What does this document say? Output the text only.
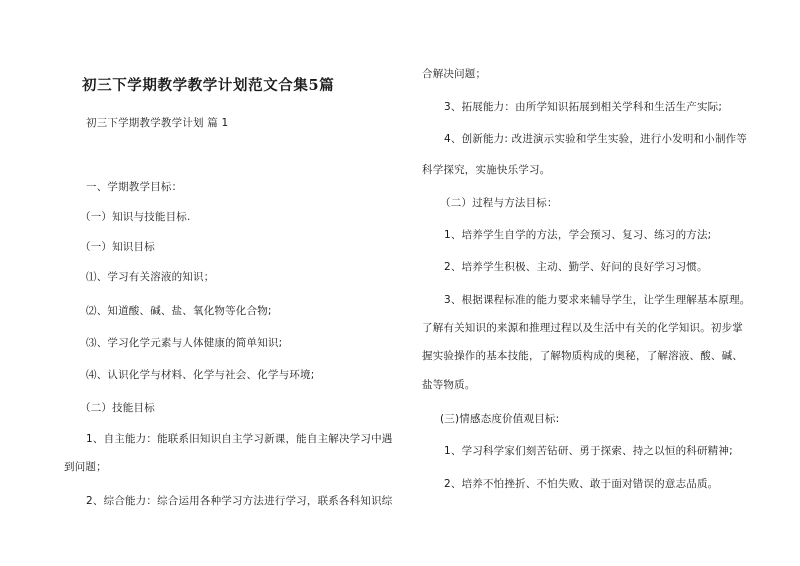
初三下学期教学教学计划范文合集5篇
初三下学期教学教学计划 篇 1
一、学期教学目标：
（一）知识与技能目标.
（一）知识目标
⑴、学习有关溶液的知识；
⑵、知道酸、碱、盐、氧化物等化合物;
⑶、学习化学元素与人体健康的简单知识;
⑷、认识化学与材料、化学与社会、化学与环境;
（二）技能目标
1、自主能力：能联系旧知识自主学习新课，能自主解决学习中遇
到问题；
2、综合能力：综合运用各种学习方法进行学习，联系各科知识综
合解决问题；
3、拓展能力：由所学知识拓展到相关学科和生活生产实际;
4、创新能力: 改进演示实验和学生实验，进行小发明和小制作等
科学探究，实施快乐学习。
（二）过程与方法目标：
1、培养学生自学的方法，学会预习、复习、练习的方法;
2、培养学生积极、主动、勤学、好问的良好学习习惯。
3、根据课程标准的能力要求来辅导学生，让学生理解基本原理。
了解有关知识的来源和推理过程以及生活中有关的化学知识。初步掌
握实验操作的基本技能，了解物质构成的奥秘，了解溶液、酸、碱、
盐等物质。
(三)情感态度价值观目标:
1、学习科学家们刻苦钻研、勇于探索、持之以恒的科研精神;
2、培养不怕挫折、不怕失败、敢于面对错误的意志品质。
